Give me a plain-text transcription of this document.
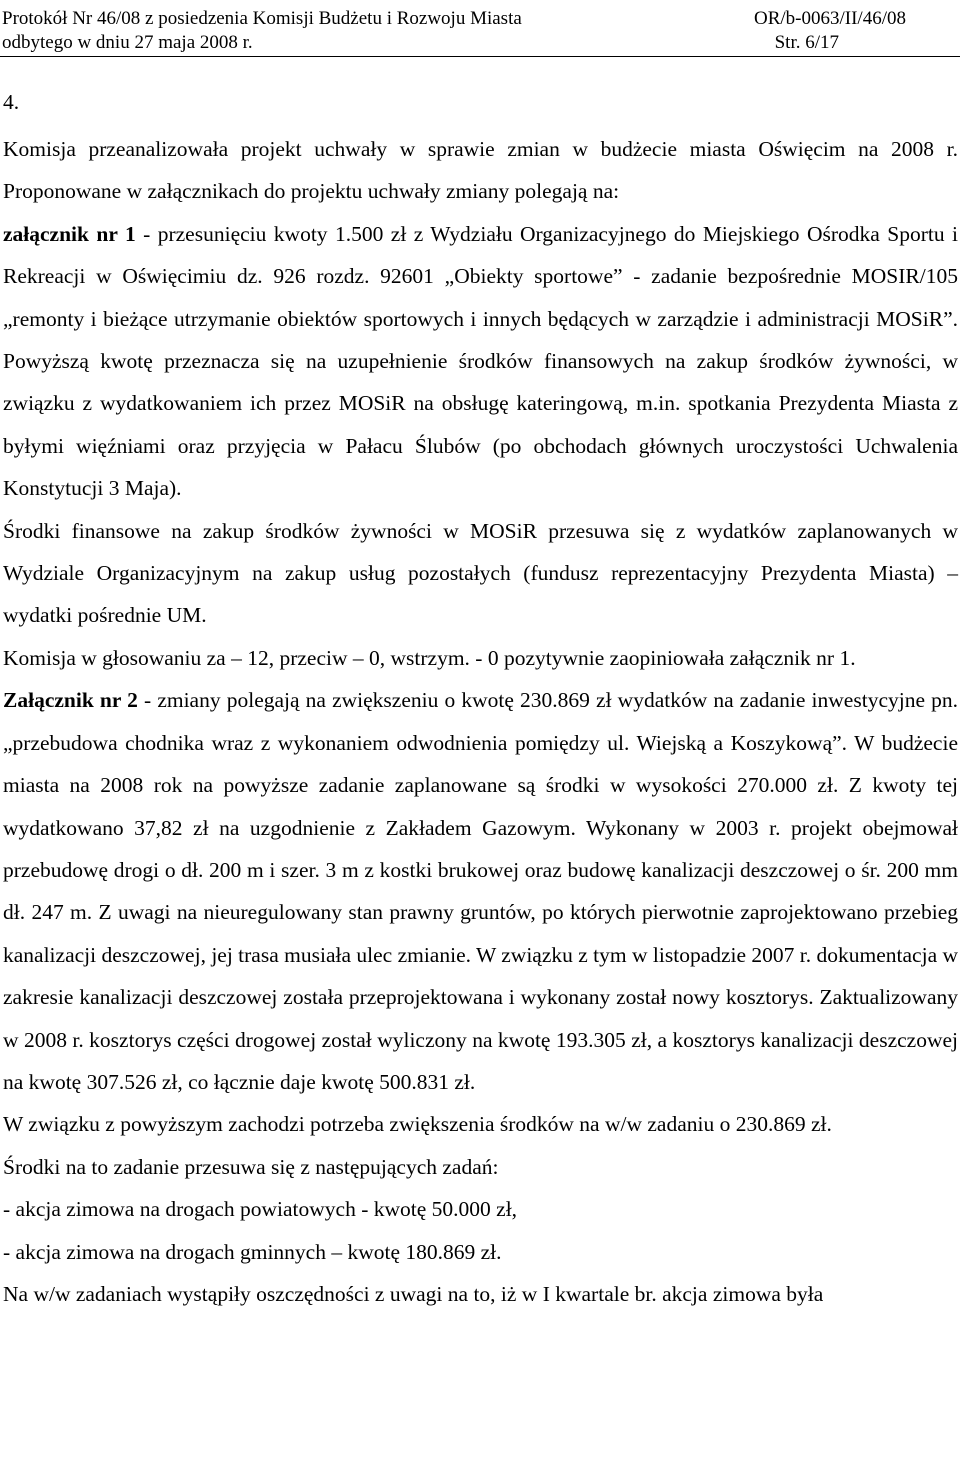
Protokół Nr 46/08 z posiedzenia Komisji Budżetu i Rozwoju Miasta
odbytego w dniu 27 maja 2008 r.
OR/b-0063/II/46/08
Str. 6/17

4.

Komisja przeanalizowała projekt uchwały w sprawie zmian w budżecie miasta Oświęcim na 2008 r. Proponowane w załącznikach do projektu uchwały zmiany polegają na:

załącznik nr 1 - przesunięciu kwoty 1.500 zł z Wydziału Organizacyjnego do Miejskiego Ośrodka Sportu i Rekreacji w Oświęcimiu dz. 926 rozdz. 92601 „Obiekty sportowe” - zadanie bezpośrednie MOSIR/105 „remonty i bieżące utrzymanie obiektów sportowych i innych będących w zarządzie i administracji MOSiR”. Powyższą kwotę przeznacza się na uzupełnienie środków finansowych na zakup środków żywności, w związku z wydatkowaniem ich przez MOSiR na obsługę kateringową, m.in. spotkania Prezydenta Miasta z byłymi więźniami oraz przyjęcia w Pałacu Ślubów (po obchodach głównych uroczystości Uchwalenia Konstytucji 3 Maja).

Środki finansowe na zakup środków żywności w MOSiR przesuwa się z wydatków zaplanowanych w Wydziale Organizacyjnym na zakup usług pozostałych (fundusz reprezentacyjny Prezydenta Miasta) – wydatki pośrednie UM.

Komisja w głosowaniu za – 12, przeciw – 0, wstrzym. - 0 pozytywnie zaopiniowała załącznik nr 1.

Załącznik nr 2 - zmiany polegają na zwiększeniu o kwotę 230.869 zł wydatków na zadanie inwestycyjne pn. „przebudowa chodnika wraz z wykonaniem odwodnienia pomiędzy ul. Wiejską a Koszykową”. W budżecie miasta na 2008 rok na powyższe zadanie zaplanowane są środki w wysokości 270.000 zł. Z kwoty tej wydatkowano 37,82 zł na uzgodnienie z Zakładem Gazowym. Wykonany w 2003 r. projekt obejmował przebudowę drogi o dł. 200 m i szer. 3 m z kostki brukowej oraz budowę kanalizacji deszczowej o śr. 200 mm dł. 247 m. Z uwagi na nieuregulowany stan prawny gruntów, po których pierwotnie zaprojektowano przebieg kanalizacji deszczowej, jej trasa musiała ulec zmianie. W związku z tym w listopadzie 2007 r. dokumentacja w zakresie kanalizacji deszczowej została przeprojektowana i wykonany został nowy kosztorys. Zaktualizowany w 2008 r. kosztorys części drogowej został wyliczony na kwotę 193.305 zł, a kosztorys kanalizacji deszczowej na kwotę 307.526 zł, co łącznie daje kwotę 500.831 zł.

W związku z powyższym zachodzi potrzeba zwiększenia środków na w/w zadaniu o 230.869 zł.

Środki na to zadanie przesuwa się z następujących zadań:

- akcja zimowa na drogach powiatowych - kwotę 50.000 zł,

- akcja zimowa na drogach gminnych – kwotę 180.869 zł.

Na w/w zadaniach wystąpiły oszczędności z uwagi na to, iż w I kwartale br. akcja zimowa była
